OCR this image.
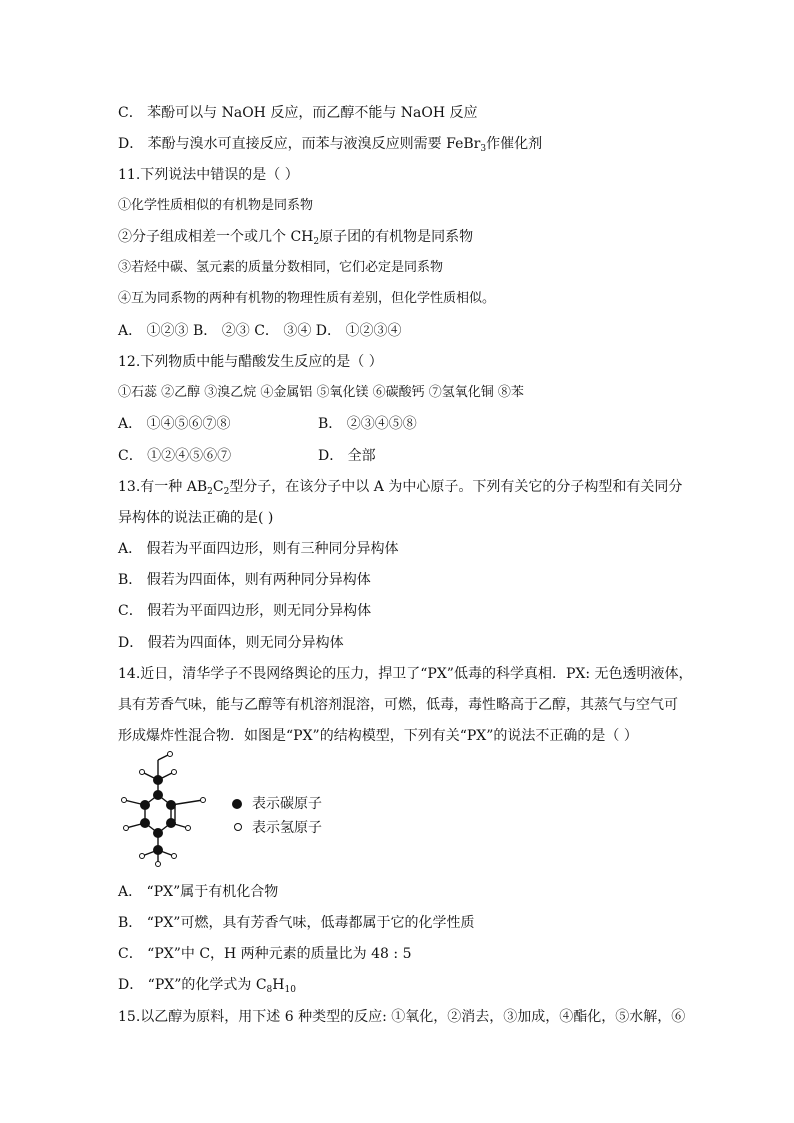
C． 苯酚可以与 NaOH 反应，而乙醇不能与 NaOH 反应
D． 苯酚与溴水可直接反应，而苯与液溴反应则需要 FeBr$_3$作催化剂
11.下列说法中错误的是（ ）
①化学性质相似的有机物是同系物
②分子组成相差一个或几个 $CH_2$原子团的有机物是同系物
③若烃中碳、氢元素的质量分数相同，它们必定是同系物
④互为同系物的两种有机物的物理性质有差别，但化学性质相似。
A． ①②③ B． ②③ C． ③④ D． ①②③④
12.下列物质中能与醋酸发生反应的是（ ）
①石蕊 ②乙醇 ③溴乙烷 ④金属铝 ⑤氧化镁 ⑥碳酸钙 ⑦氢氧化铜 ⑧苯
A． ①④⑤⑥⑦⑧	B． ②③④⑤⑧
C． ①②④⑤⑥⑦	D． 全部
13.有一种 $AB_2C_2$型分子，在该分子中以 A 为中心原子。下列有关它的分子构型和有关同分
异构体的说法正确的是( )
A． 假若为平面四边形，则有三种同分异构体
B． 假若为四面体，则有两种同分异构体
C． 假若为平面四边形，则无同分异构体
D． 假若为四面体，则无同分异构体
14.近日，清华学子不畏网络舆论的压力，捍卫了“PX”低毒的科学真相．PX: 无色透明液体，
具有芳香气味，能与乙醇等有机溶剂混溶，可燃，低毒，毒性略高于乙醇，其蒸气与空气可
形成爆炸性混合物．如图是“PX”的结构模型，下列有关“PX”的说法不正确的是（ ）
表示碳原子
表示氢原子
A． “PX”属于有机化合物
B． “PX”可燃，具有芳香气味，低毒都属于它的化学性质
C． “PX”中 C，H 两种元素的质量比为 48 : 5
D． “PX”的化学式为 $C_8H_{10}$
15.以乙醇为原料，用下述 6 种类型的反应: ①氧化，②消去，③加成，④酯化，⑤水解，⑥
